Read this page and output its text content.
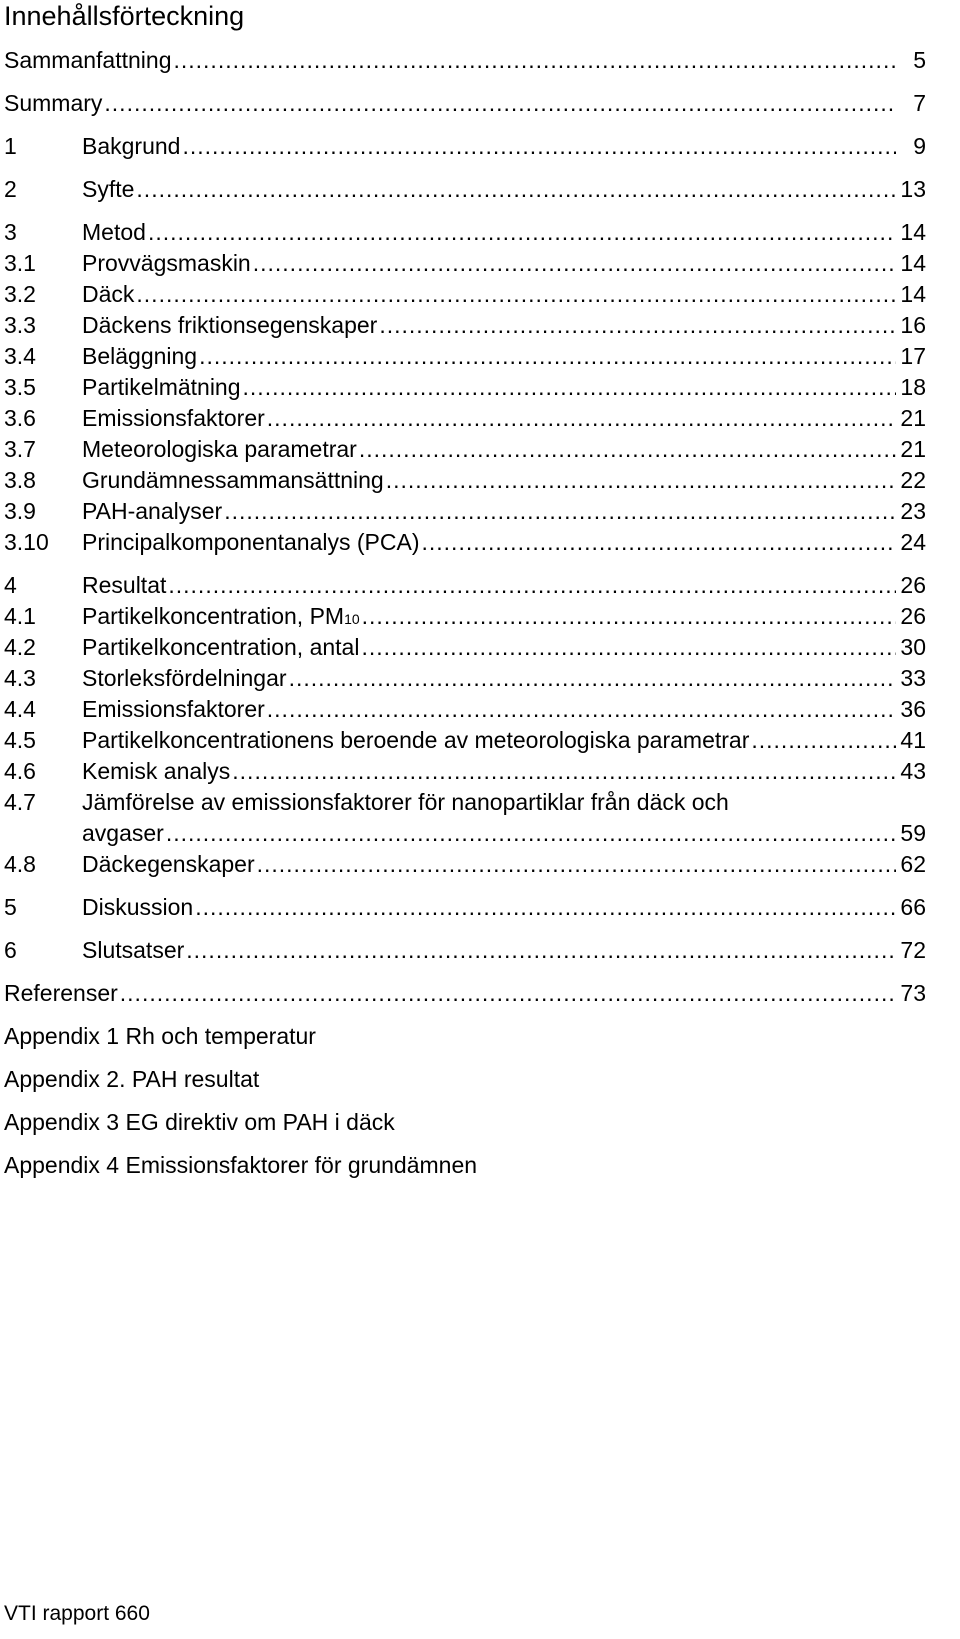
Innehållsförteckning
Sammanfattning .....	5
Summary .....	7
1	Bakgrund .....	9
2	Syfte .....	13
3	Metod .....	14
3.1	Provvägsmaskin .....	14
3.2	Däck .....	14
3.3	Däckens friktionsegenskaper .....	16
3.4	Beläggning .....	17
3.5	Partikelmätning .....	18
3.6	Emissionsfaktorer .....	21
3.7	Meteorologiska parametrar .....	21
3.8	Grundämnessammansättning .....	22
3.9	PAH-analyser .....	23
3.10	Principalkomponentanalys (PCA) .....	24
4	Resultat .....	26
4.1	Partikelkoncentration, PM10 .....	26
4.2	Partikelkoncentration, antal .....	30
4.3	Storleksfördelningar .....	33
4.4	Emissionsfaktorer .....	36
4.5	Partikelkoncentrationens beroende av meteorologiska parametrar .....	41
4.6	Kemisk analys .....	43
4.7	Jämförelse av emissionsfaktorer för nanopartiklar från däck och
avgaser .....	59
4.8	Däckegenskaper .....	62
5	Diskussion .....	66
6	Slutsatser .....	72
Referenser .....	73
Appendix 1 Rh och temperatur
Appendix 2. PAH resultat
Appendix 3 EG direktiv om PAH i däck
Appendix 4 Emissionsfaktorer för grundämnen
VTI rapport 660
